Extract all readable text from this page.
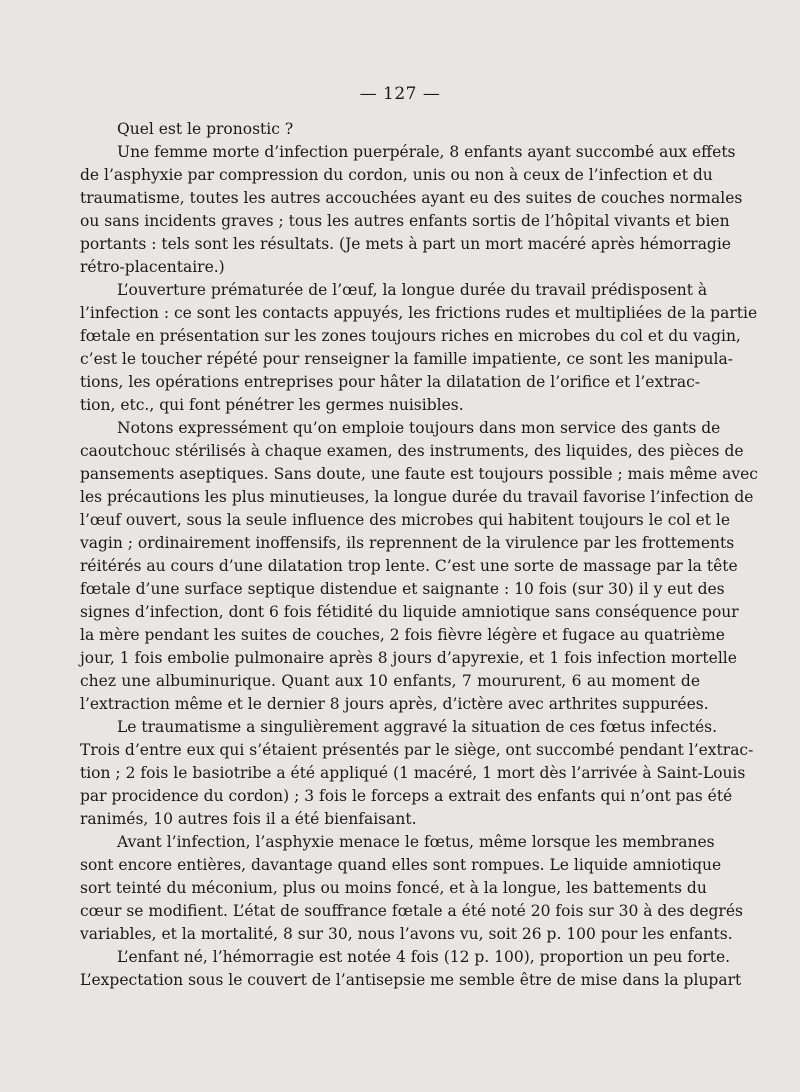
— 127 —
Quel est le pronostic ?
Une femme morte d’infection puerpérale, 8 enfants ayant succombé aux effets
de l’asphyxie par compression du cordon, unis ou non à ceux de l’infection et du
traumatisme, toutes les autres accouchées ayant eu des suites de couches normales
ou sans incidents graves ; tous les autres enfants sortis de l’hôpital vivants et bien
portants : tels sont les résultats. (Je mets à part un mort macéré après hémorragie
rétro-placentaire.)
L’ouverture prématurée de l’œuf, la longue durée du travail prédisposent à
l’infection : ce sont les contacts appuyés, les frictions rudes et multipliées de la partie
fœtale en présentation sur les zones toujours riches en microbes du col et du vagin,
c’est le toucher répété pour renseigner la famille impatiente, ce sont les manipula-
tions, les opérations entreprises pour hâter la dilatation de l’orifice et l’extrac-
tion, etc., qui font pénétrer les germes nuisibles.
Notons expressément qu’on emploie toujours dans mon service des gants de
caoutchouc stérilisés à chaque examen, des instruments, des liquides, des pièces de
pansements aseptiques. Sans doute, une faute est toujours possible ; mais même avec
les précautions les plus minutieuses, la longue durée du travail favorise l’infection de
l’œuf ouvert, sous la seule influence des microbes qui habitent toujours le col et le
vagin ; ordinairement inoffensifs, ils reprennent de la virulence par les frottements
réitérés au cours d’une dilatation trop lente. C’est une sorte de massage par la tête
fœtale d’une surface septique distendue et saignante : 10 fois (sur 30) il y eut des
signes d’infection, dont 6 fois fétidité du liquide amniotique sans conséquence pour
la mère pendant les suites de couches, 2 fois fièvre légère et fugace au quatrième
jour, 1 fois embolie pulmonaire après 8 jours d’apyrexie, et 1 fois infection mortelle
chez une albuminurique. Quant aux 10 enfants, 7 moururent, 6 au moment de
l’extraction même et le dernier 8 jours après, d’ictère avec arthrites suppurées.
Le traumatisme a singulièrement aggravé la situation de ces fœtus infectés.
Trois d’entre eux qui s’étaient présentés par le siège, ont succombé pendant l’extrac-
tion ; 2 fois le basiotribe a été appliqué (1 macéré, 1 mort dès l’arrivée à Saint-Louis
par procidence du cordon) ; 3 fois le forceps a extrait des enfants qui n’ont pas été
ranimés, 10 autres fois il a été bienfaisant.
Avant l’infection, l’asphyxie menace le fœtus, même lorsque les membranes
sont encore entières, davantage quand elles sont rompues. Le liquide amniotique
sort teinté du méconium, plus ou moins foncé, et à la longue, les battements du
cœur se modifient. L’état de souffrance fœtale a été noté 20 fois sur 30 à des degrés
variables, et la mortalité, 8 sur 30, nous l’avons vu, soit 26 p. 100 pour les enfants.
L’enfant né, l’hémorragie est notée 4 fois (12 p. 100), proportion un peu forte.
L’expectation sous le couvert de l’antisepsie me semble être de mise dans la plupart
